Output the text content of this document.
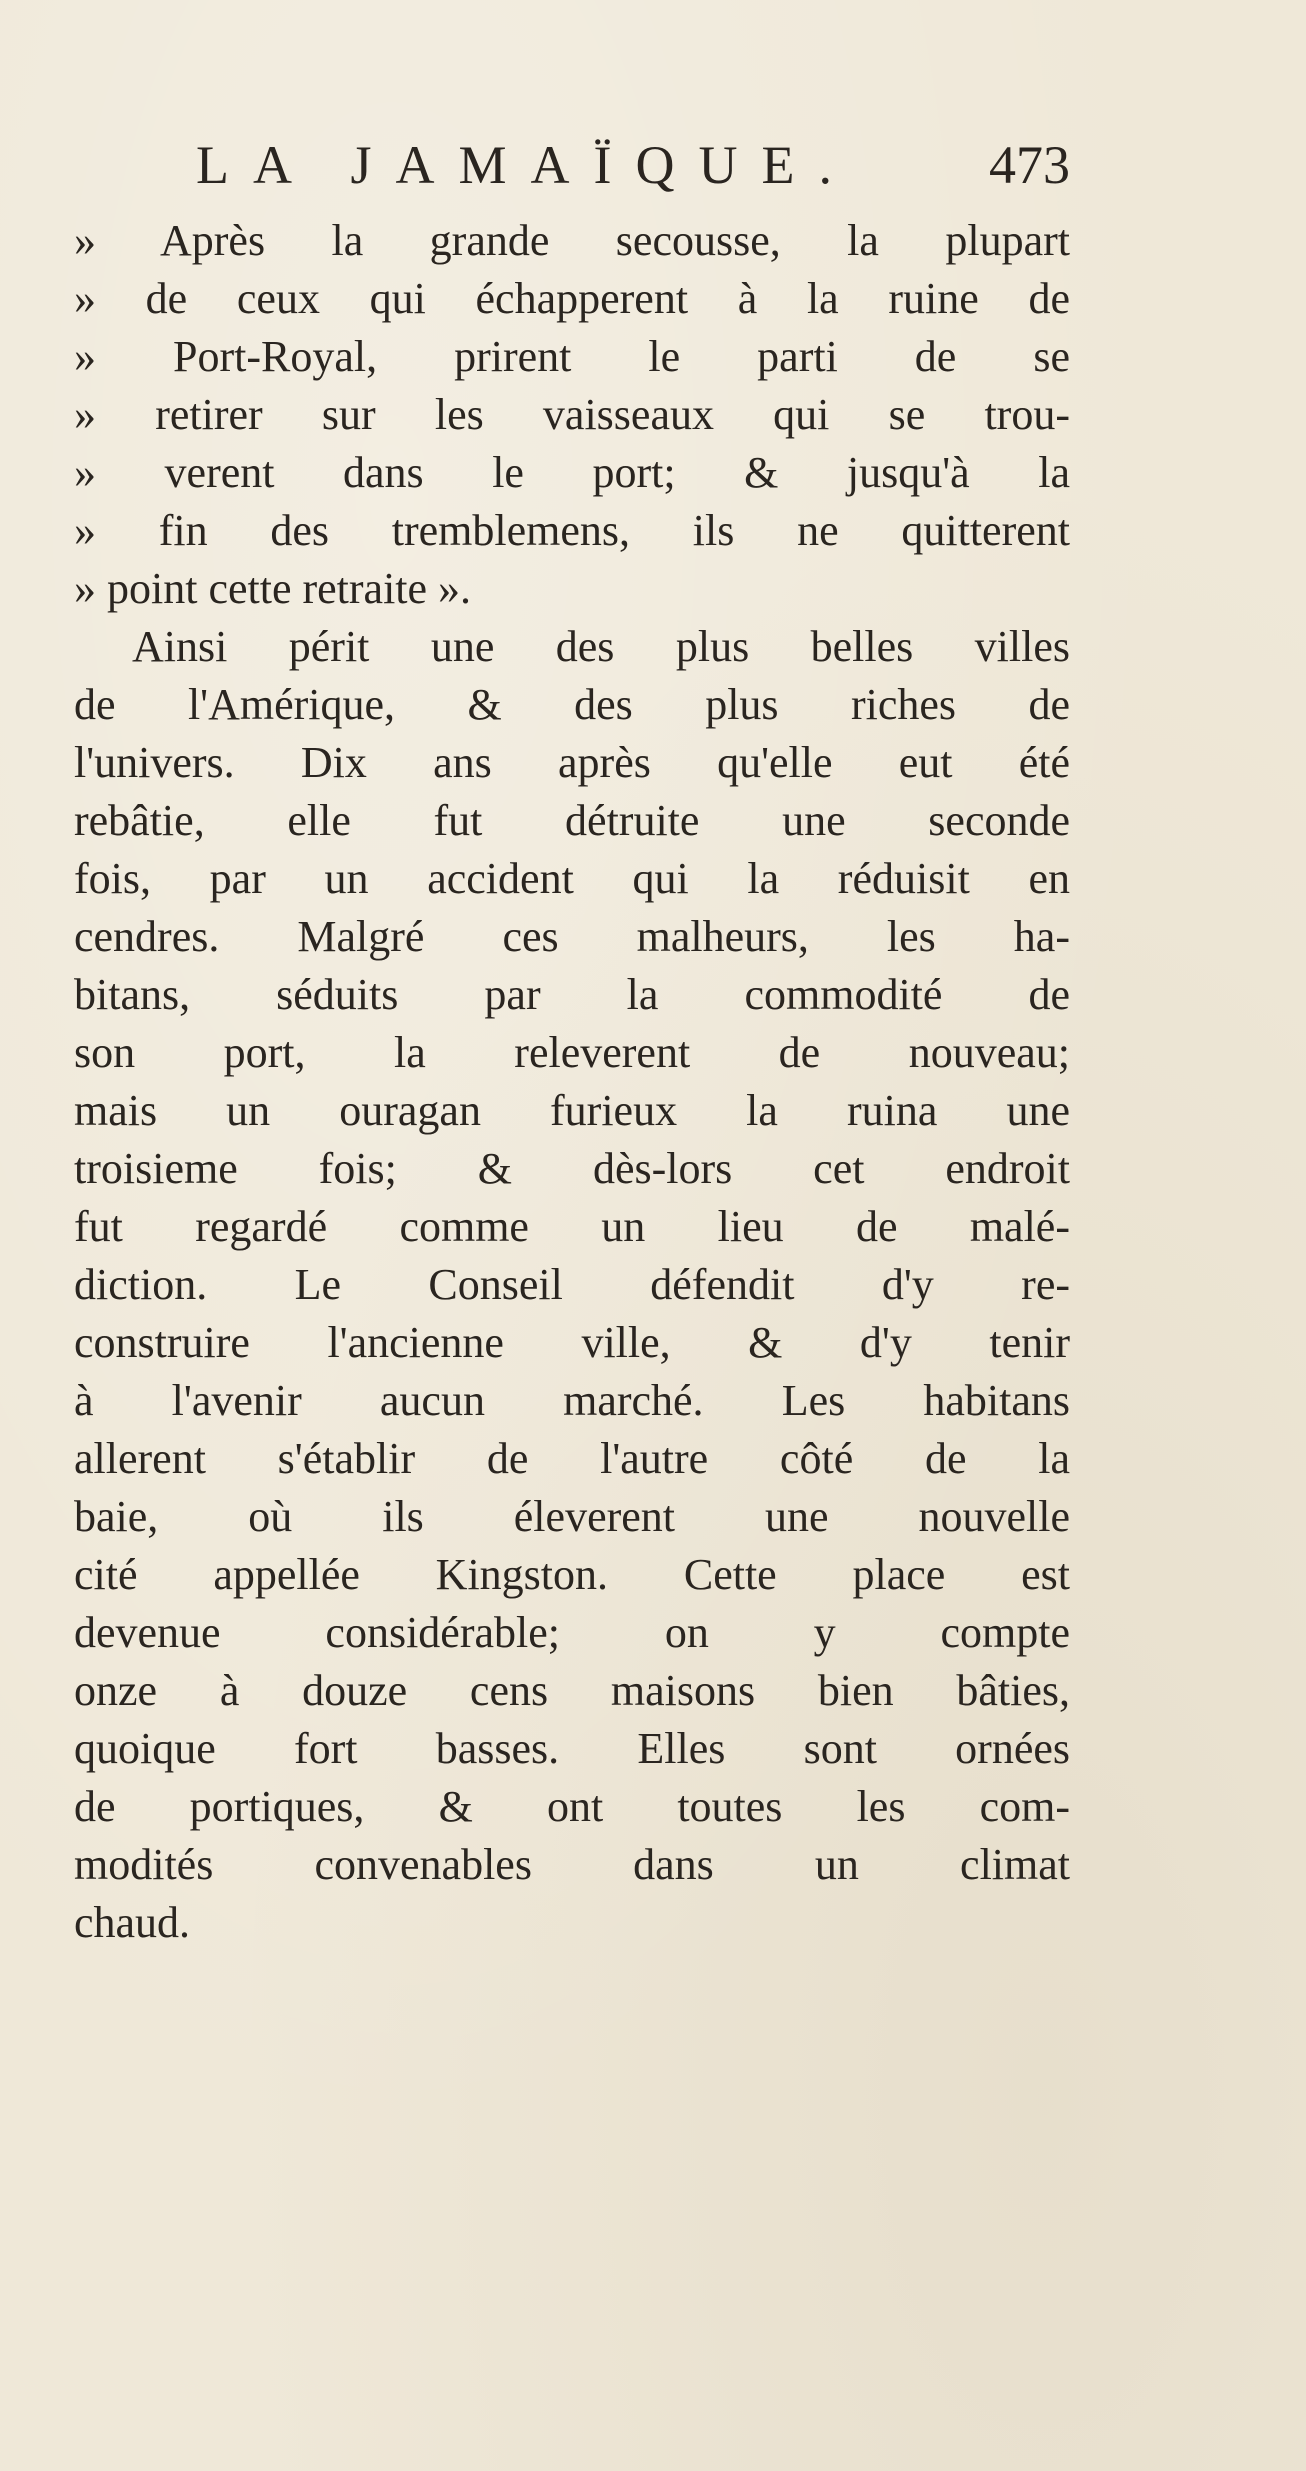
LA JAMAÏQUE. 473
» Après la grande secousse, la plupart
» de ceux qui échapperent à la ruine de
» Port-Royal, prirent le parti de se
» retirer sur les vaisseaux qui se trou-
» verent dans le port; & jusqu'à la
» fin des tremblemens, ils ne quitterent
» point cette retraite ».
Ainsi périt une des plus belles villes
de l'Amérique, & des plus riches de
l'univers. Dix ans après qu'elle eut été
rebâtie, elle fut détruite une seconde
fois, par un accident qui la réduisit en
cendres. Malgré ces malheurs, les ha-
bitans, séduits par la commodité de
son port, la releverent de nouveau;
mais un ouragan furieux la ruina une
troisieme fois; & dès-lors cet endroit
fut regardé comme un lieu de malé-
diction. Le Conseil défendit d'y re-
construire l'ancienne ville, & d'y tenir
à l'avenir aucun marché. Les habitans
allerent s'établir de l'autre côté de la
baie, où ils éleverent une nouvelle
cité appellée Kingston. Cette place est
devenue considérable; on y compte
onze à douze cens maisons bien bâties,
quoique fort basses. Elles sont ornées
de portiques, & ont toutes les com-
modités convenables dans un climat
chaud.
